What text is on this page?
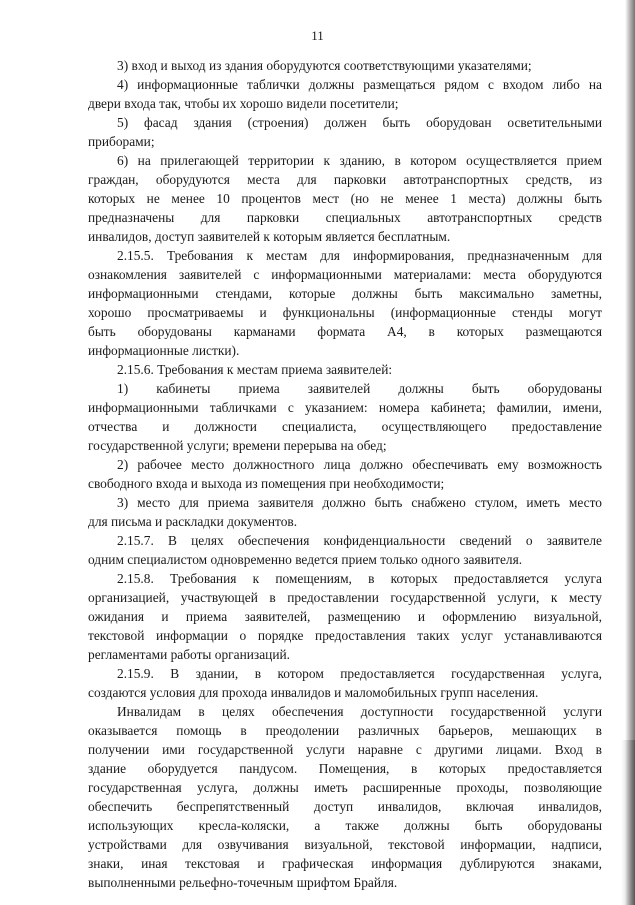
11
3) вход и выход из здания оборудуются соответствующими указателями;
4) информационные таблички должны размещаться рядом с входом либо на
двери входа так, чтобы их хорошо видели посетители;
5) фасад здания (строения) должен быть оборудован осветительными
приборами;
6) на прилегающей территории к зданию, в котором осуществляется прием
граждан, оборудуются места для парковки автотранспортных средств, из
которых не менее 10 процентов мест (но не менее 1 места) должны быть
предназначены для парковки специальных автотранспортных средств
инвалидов, доступ заявителей к которым является бесплатным.
2.15.5. Требования к местам для информирования, предназначенным для
ознакомления заявителей с информационными материалами: места оборудуются
информационными стендами, которые должны быть максимально заметны,
хорошо просматриваемы и функциональны (информационные стенды могут
быть оборудованы карманами формата А4, в которых размещаются
информационные листки).
2.15.6. Требования к местам приема заявителей:
1) кабинеты приема заявителей должны быть оборудованы
информационными табличками с указанием: номера кабинета; фамилии, имени,
отчества и должности специалиста, осуществляющего предоставление
государственной услуги; времени перерыва на обед;
2) рабочее место должностного лица должно обеспечивать ему возможность
свободного входа и выхода из помещения при необходимости;
3) место для приема заявителя должно быть снабжено стулом, иметь место
для письма и раскладки документов.
2.15.7. В целях обеспечения конфиденциальности сведений о заявителе
одним специалистом одновременно ведется прием только одного заявителя.
2.15.8. Требования к помещениям, в которых предоставляется услуга
организацией, участвующей в предоставлении государственной услуги, к месту
ожидания и приема заявителей, размещению и оформлению визуальной,
текстовой информации о порядке предоставления таких услуг устанавливаются
регламентами работы организаций.
2.15.9. В здании, в котором предоставляется государственная услуга,
создаются условия для прохода инвалидов и маломобильных групп населения.
Инвалидам в целях обеспечения доступности государственной услуги
оказывается помощь в преодолении различных барьеров, мешающих в
получении ими государственной услуги наравне с другими лицами. Вход в
здание оборудуется пандусом. Помещения, в которых предоставляется
государственная услуга, должны иметь расширенные проходы, позволяющие
обеспечить беспрепятственный доступ инвалидов, включая инвалидов,
использующих кресла-коляски, а также должны быть оборудованы
устройствами для озвучивания визуальной, текстовой информации, надписи,
знаки, иная текстовая и графическая информация дублируются знаками,
выполненными рельефно-точечным шрифтом Брайля.
